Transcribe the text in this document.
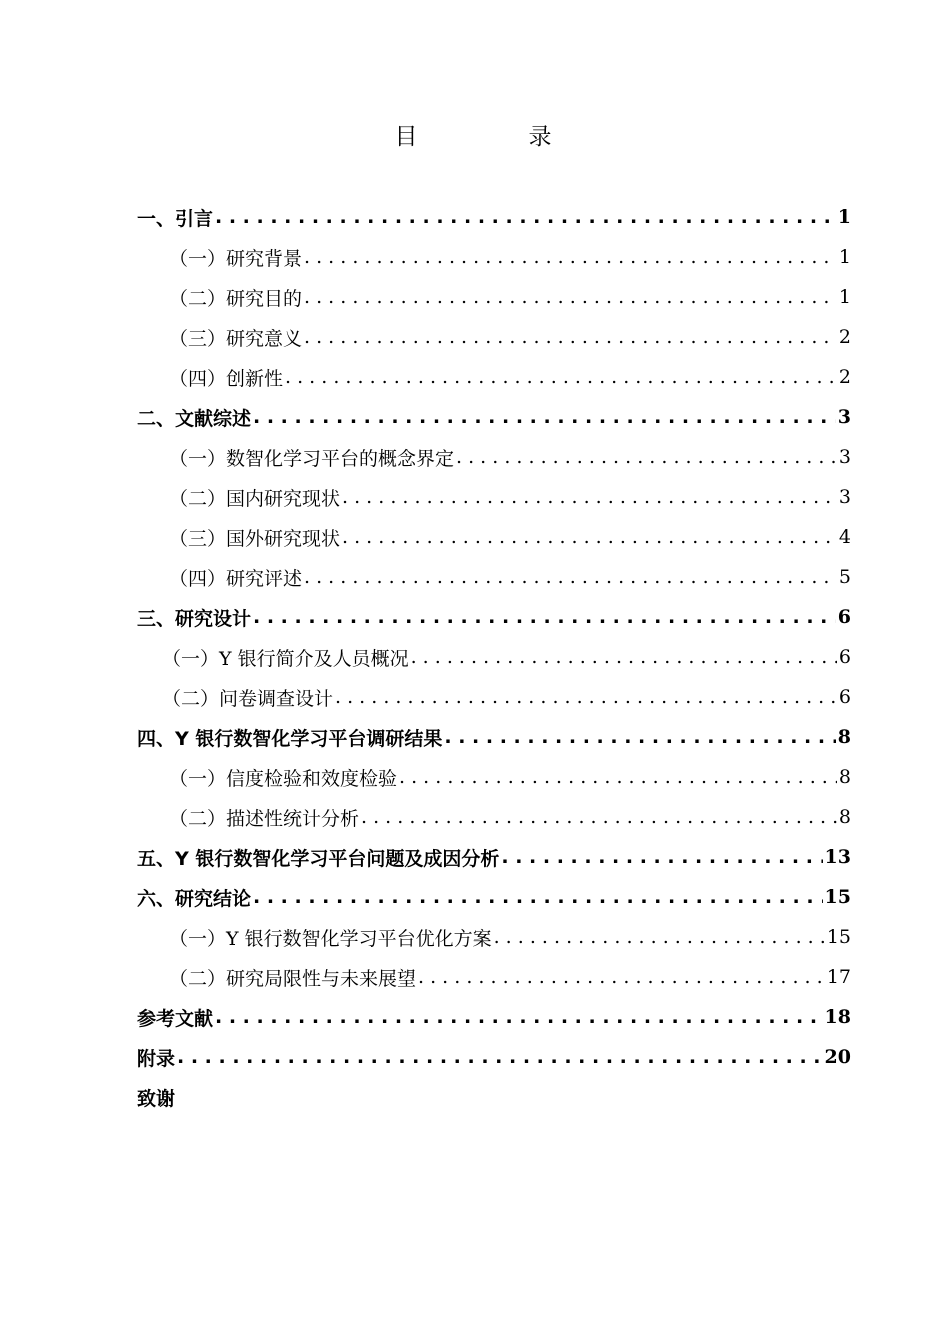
目　录
一、引言 . . .	1
（一）研究背景 . . .	1
（二）研究目的 . . .	1
（三）研究意义 . . .	2
（四）创新性 . . .	2
二、文献综述 . . .	3
（一）数智化学习平台的概念界定 . . .	3
（二）国内研究现状 . . .	3
（三）国外研究现状 . . .	4
（四）研究评述 . . .	5
三、研究设计 . . .	6
（一）Y 银行简介及人员概况 . . .	6
（二）问卷调查设计 . . .	6
四、Y 银行数智化学习平台调研结果 . . .	8
（一）信度检验和效度检验 . . .	8
（二）描述性统计分析 . . .	8
五、Y 银行数智化学习平台问题及成因分析 . . .	13
六、研究结论 . . .	15
（一）Y 银行数智化学习平台优化方案 . . .	15
（二）研究局限性与未来展望 . . .	17
参考文献 . . .	18
附录 . . .	20
致谢
